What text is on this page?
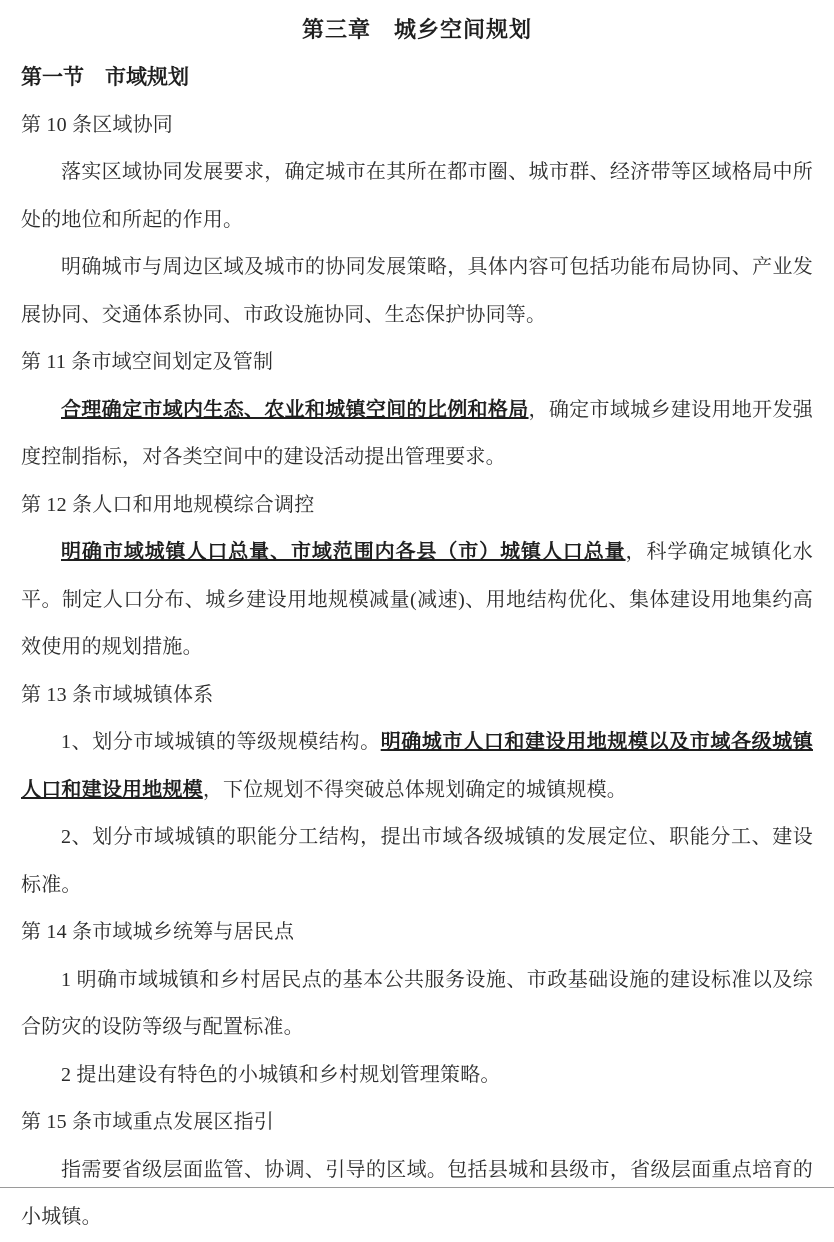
第三章　城乡空间规划
第一节　市域规划
第 10 条区域协同

落实区域协同发展要求，确定城市在其所在都市圈、城市群、经济带等区域格局中所处的地位和所起的作用。

明确城市与周边区域及城市的协同发展策略，具体内容可包括功能布局协同、产业发展协同、交通体系协同、市政设施协同、生态保护协同等。

第 11 条市域空间划定及管制

合理确定市域内生态、农业和城镇空间的比例和格局，确定市域城乡建设用地开发强度控制指标，对各类空间中的建设活动提出管理要求。

第 12 条人口和用地规模综合调控

明确市域城镇人口总量、市域范围内各县（市）城镇人口总量，科学确定城镇化水平。制定人口分布、城乡建设用地规模减量(减速)、用地结构优化、集体建设用地集约高效使用的规划措施。

第 13 条市域城镇体系

1、划分市域城镇的等级规模结构。明确城市人口和建设用地规模以及市域各级城镇人口和建设用地规模，下位规划不得突破总体规划确定的城镇规模。

2、划分市域城镇的职能分工结构，提出市域各级城镇的发展定位、职能分工、建设标准。

第 14 条市域城乡统筹与居民点

1 明确市域城镇和乡村居民点的基本公共服务设施、市政基础设施的建设标准以及综合防灾的设防等级与配置标准。

2 提出建设有特色的小城镇和乡村规划管理策略。

第 15 条市域重点发展区指引

指需要省级层面监管、协调、引导的区域。包括县城和县级市，省级层面重点培育的小城镇。
